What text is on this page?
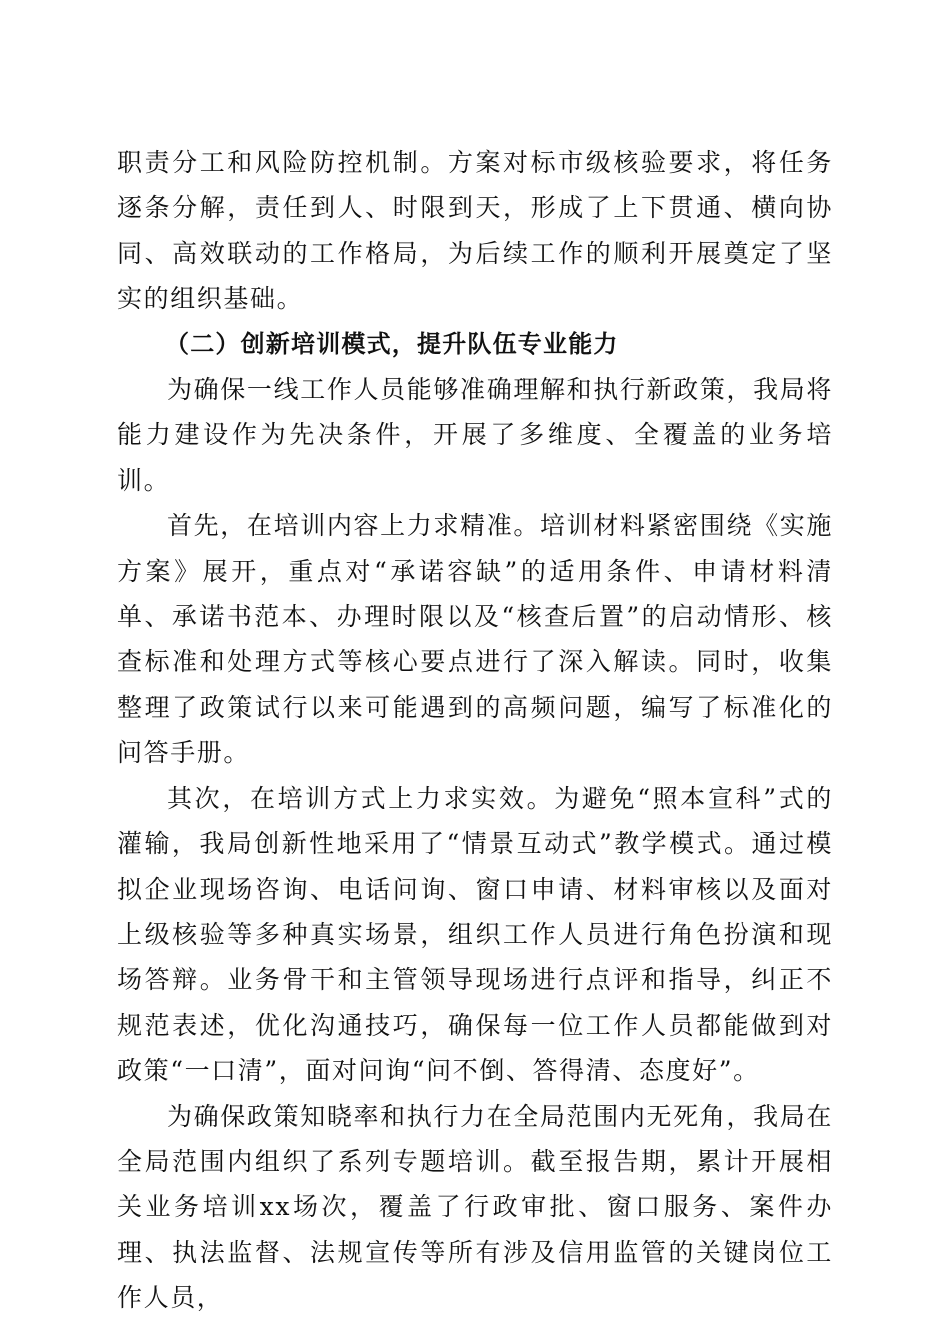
职责分工和风险防控机制。方案对标市级核验要求，将任务逐条分解，责任到人、时限到天，形成了上下贯通、横向协同、高效联动的工作格局，为后续工作的顺利开展奠定了坚实的组织基础。

（二）创新培训模式，提升队伍专业能力

为确保一线工作人员能够准确理解和执行新政策，我局将能力建设作为先决条件，开展了多维度、全覆盖的业务培训。

首先，在培训内容上力求精准。培训材料紧密围绕《实施方案》展开，重点对“承诺容缺”的适用条件、申请材料清单、承诺书范本、办理时限以及“核查后置”的启动情形、核查标准和处理方式等核心要点进行了深入解读。同时，收集整理了政策试行以来可能遇到的高频问题，编写了标准化的问答手册。

其次，在培训方式上力求实效。为避免“照本宣科”式的灌输，我局创新性地采用了“情景互动式”教学模式。通过模拟企业现场咨询、电话问询、窗口申请、材料审核以及面对上级核验等多种真实场景，组织工作人员进行角色扮演和现场答辩。业务骨干和主管领导现场进行点评和指导，纠正不规范表述，优化沟通技巧，确保每一位工作人员都能做到对政策“一口清”，面对问询“问不倒、答得清、态度好”。

为确保政策知晓率和执行力在全局范围内无死角，我局在全局范围内组织了系列专题培训。截至报告期，累计开展相关业务培训xx场次，覆盖了行政审批、窗口服务、案件办理、执法监督、法规宣传等所有涉及信用监管的关键岗位工作人员，
